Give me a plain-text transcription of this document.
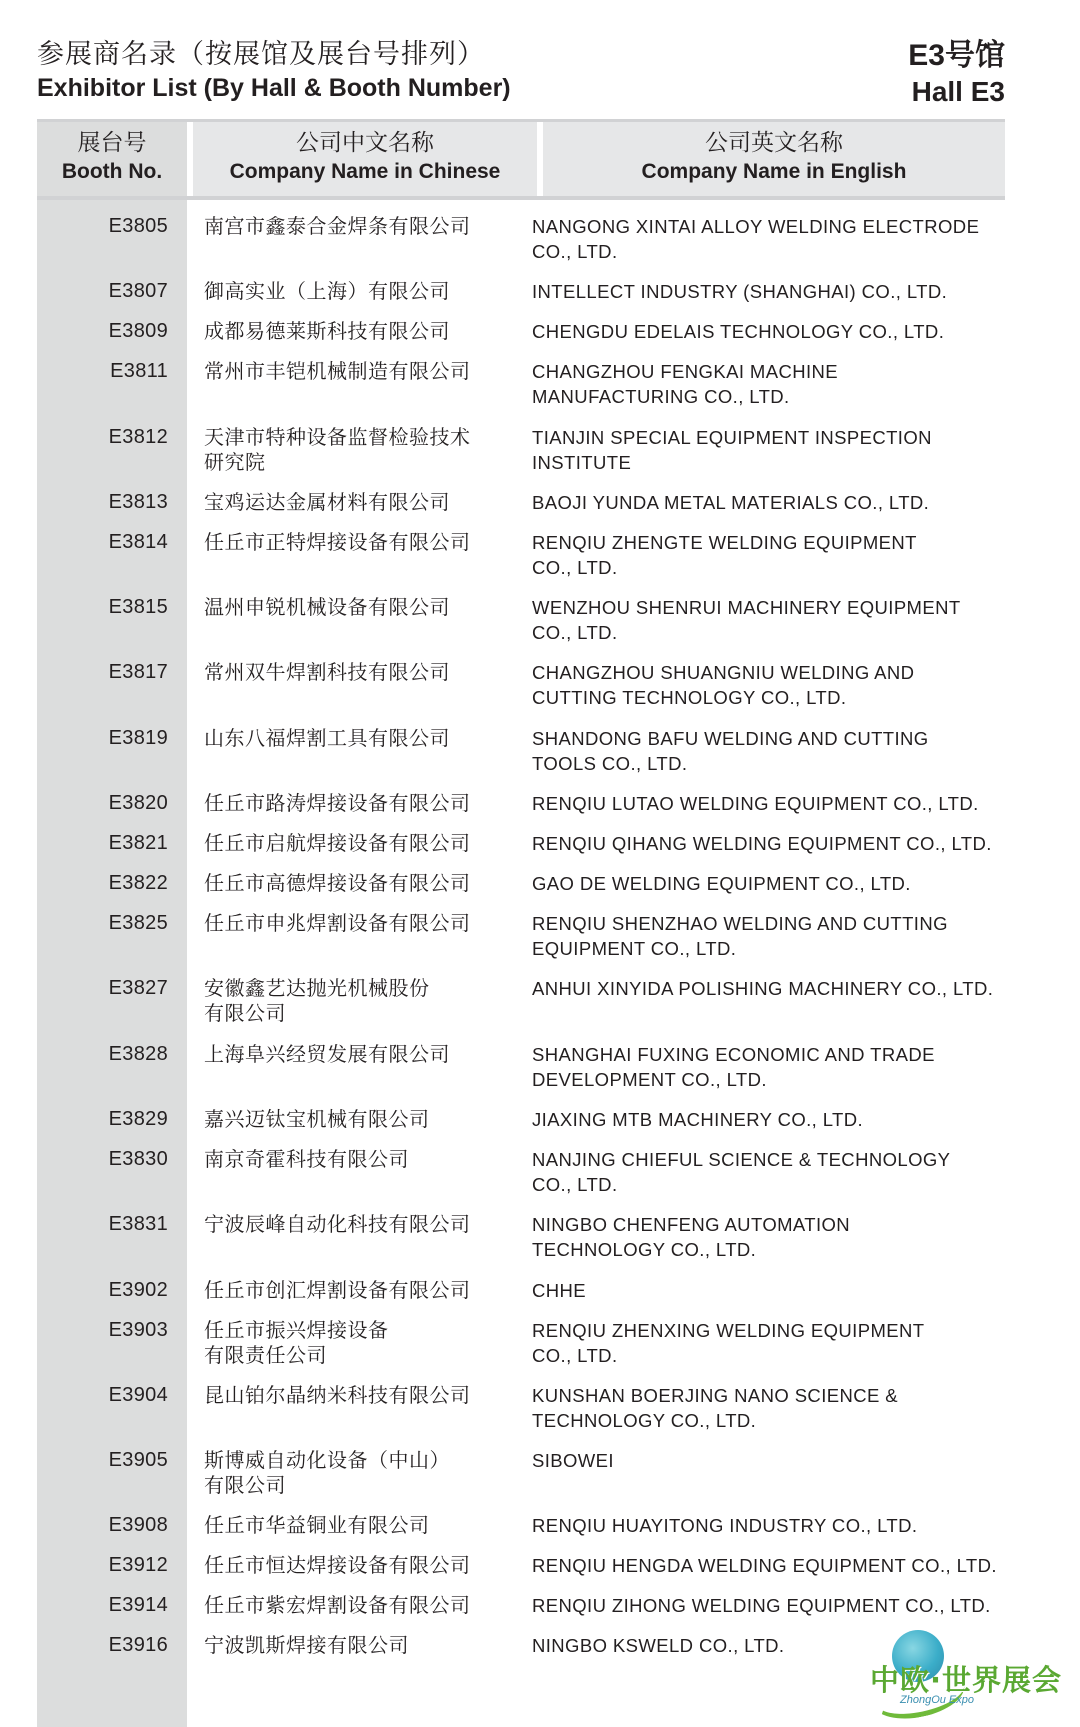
参展商名录（按展馆及展台号排列）
Exhibitor List (By Hall & Booth Number)
E3号馆
Hall E3
展台号
Booth No.
公司中文名称
Company Name in Chinese
公司英文名称
Company Name in English
E3805 南宫市鑫泰合金焊条有限公司	NANGONG XINTAI ALLOY WELDING ELECTRODE
CO., LTD.
E3807 御高实业（上海）有限公司	INTELLECT INDUSTRY (SHANGHAI) CO., LTD.
E3809 成都易德莱斯科技有限公司	CHENGDU EDELAIS TECHNOLOGY CO., LTD.
E3811 常州市丰铠机械制造有限公司	CHANGZHOU FENGKAI MACHINE
MANUFACTURING CO., LTD.
E3812 天津市特种设备监督检验技术
研究院
TIANJIN SPECIAL EQUIPMENT INSPECTION
INSTITUTE
E3813 宝鸡运达金属材料有限公司	BAOJI YUNDA METAL MATERIALS CO., LTD.
E3814 任丘市正特焊接设备有限公司	RENQIU ZHENGTE WELDING EQUIPMENT
CO., LTD.
E3815 温州申锐机械设备有限公司	WENZHOU SHENRUI MACHINERY EQUIPMENT
CO., LTD.
E3817 常州双牛焊割科技有限公司	CHANGZHOU SHUANGNIU WELDING AND
CUTTING TECHNOLOGY CO., LTD.
E3819 山东八福焊割工具有限公司	SHANDONG BAFU WELDING AND CUTTING
TOOLS CO., LTD.
E3820 任丘市路涛焊接设备有限公司	RENQIU LUTAO WELDING EQUIPMENT CO., LTD.
E3821 任丘市启航焊接设备有限公司	RENQIU QIHANG WELDING EQUIPMENT CO., LTD.
E3822 任丘市高德焊接设备有限公司	GAO DE WELDING EQUIPMENT CO., LTD.
E3825 任丘市申兆焊割设备有限公司	RENQIU SHENZHAO WELDING AND CUTTING
EQUIPMENT CO., LTD.
E3827 安徽鑫艺达抛光机械股份
有限公司
ANHUI XINYIDA POLISHING MACHINERY CO., LTD.
E3828 上海阜兴经贸发展有限公司	SHANGHAI FUXING ECONOMIC AND TRADE
DEVELOPMENT CO., LTD.
E3829 嘉兴迈钛宝机械有限公司	JIAXING MTB MACHINERY CO., LTD.
E3830 南京奇霍科技有限公司	NANJING CHIEFUL SCIENCE & TECHNOLOGY
CO., LTD.
E3831 宁波辰峰自动化科技有限公司	NINGBO CHENFENG AUTOMATION
TECHNOLOGY CO., LTD.
E3902 任丘市创汇焊割设备有限公司	CHHE
E3903 任丘市振兴焊接设备
有限责任公司
RENQIU ZHENXING WELDING EQUIPMENT
CO., LTD.
E3904 昆山铂尔晶纳米科技有限公司	KUNSHAN BOERJING NANO SCIENCE &
TECHNOLOGY CO., LTD.
E3905 斯博威自动化设备（中山）
有限公司
SIBOWEI
E3908 任丘市华益铜业有限公司	RENQIU HUAYITONG INDUSTRY CO., LTD.
E3912 任丘市恒达焊接设备有限公司	RENQIU HENGDA WELDING EQUIPMENT CO., LTD.
E3914 任丘市紫宏焊割设备有限公司	RENQIU ZIHONG WELDING EQUIPMENT CO., LTD.
E3916 宁波凯斯焊接有限公司	NINGBO KSWELD CO., LTD.
中欧·世界展会
ZhongOu Expo
